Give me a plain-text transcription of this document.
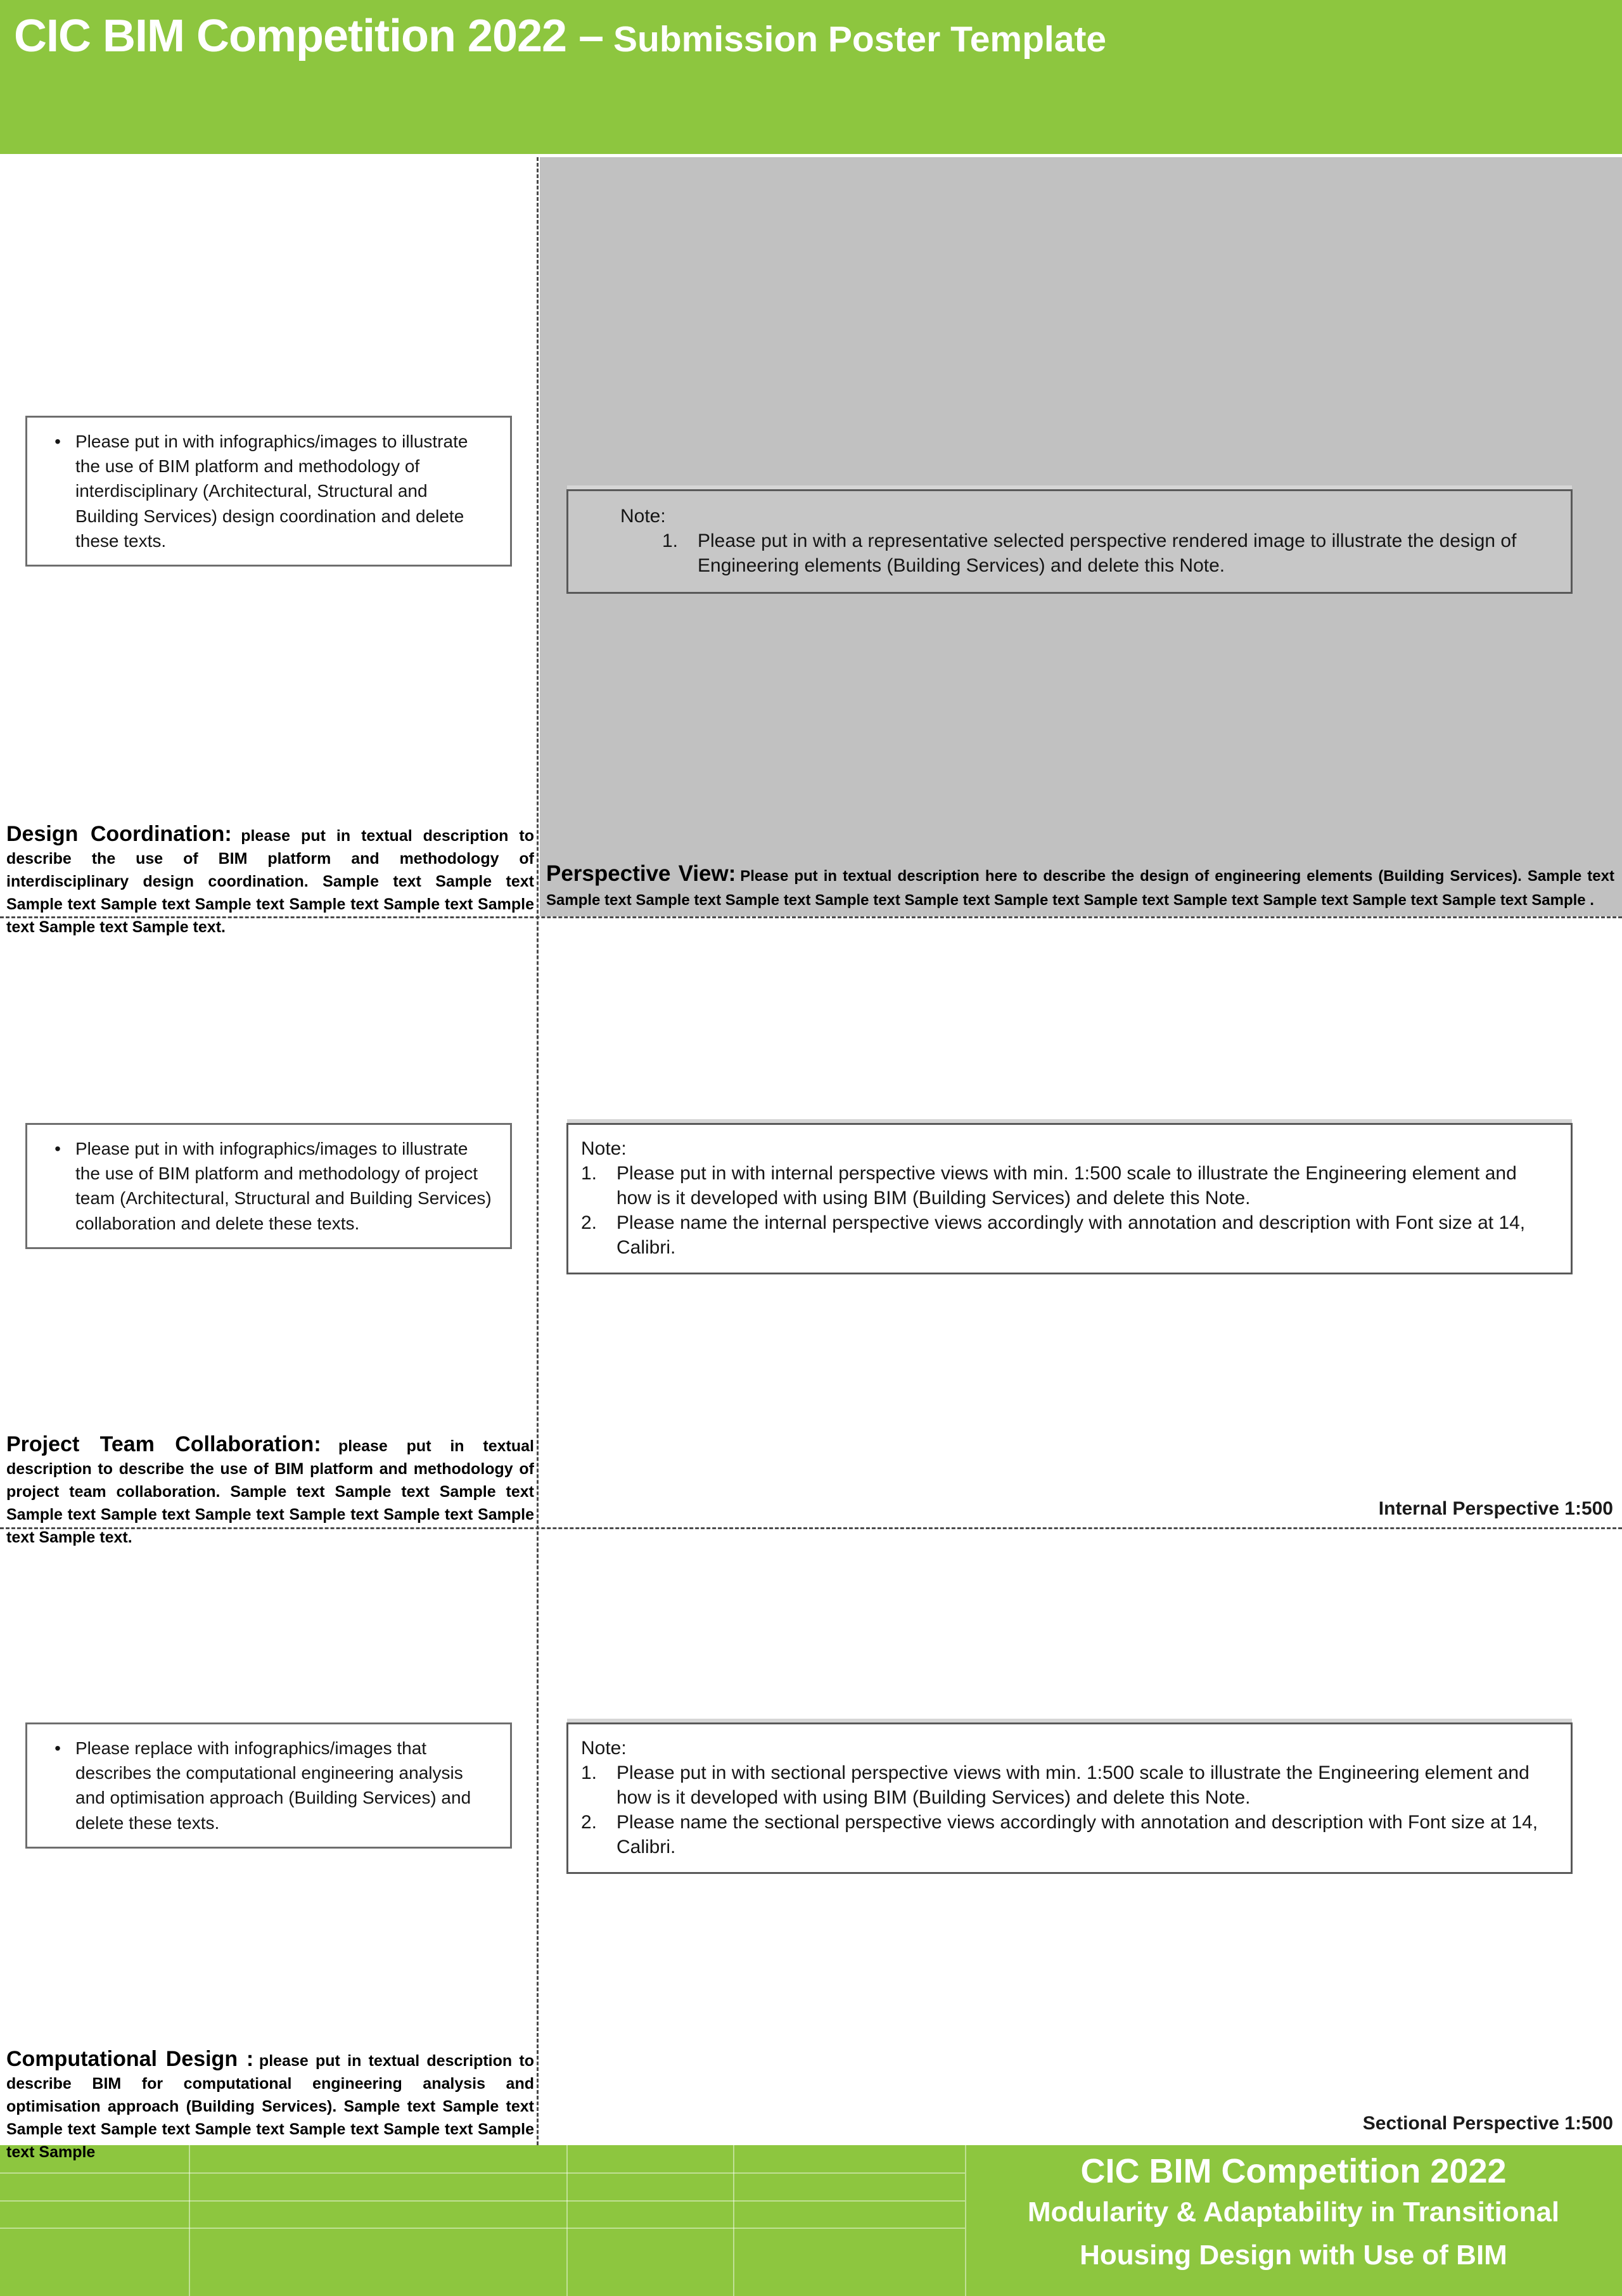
CIC BIM Competition 2022 – Submission Poster Template
• Please put in with infographics/images to illustrate the use of BIM platform and methodology of interdisciplinary (Architectural, Structural and Building Services) design coordination and delete these texts.
Note:
1.	Please put in with a representative selected perspective rendered image to illustrate the design of Engineering elements (Building Services) and delete this Note.

Design Coordination: please put in textual description to describe the use of BIM platform and methodology of interdisciplinary design coordination. Sample text Sample text Sample text Sample text Sample text Sample text Sample text Sample text Sample text Sample text.

Perspective View: Please put in textual description here to describe the design of engineering elements (Building Services). Sample text Sample text Sample text Sample text Sample text Sample text Sample text Sample text Sample text Sample text Sample text Sample text Sample .

• Please put in with infographics/images to illustrate the use of BIM platform and methodology of project team (Architectural, Structural and Building Services) collaboration and delete these texts.
Note:
1.	Please put in with internal perspective views with min. 1:500 scale to illustrate the Engineering element and how is it developed with using BIM (Building Services) and delete this Note.
2.	Please name the internal perspective views accordingly with annotation and description with Font size at 14, Calibri.

Project Team Collaboration: please put in textual description to describe the use of BIM platform and methodology of project team collaboration. Sample text Sample text Sample text Sample text Sample text Sample text Sample text Sample text Sample text Sample text.

Internal Perspective 1:500
• Please replace with infographics/images that describes the computational engineering analysis and optimisation approach (Building Services) and delete these texts.
Note:
1.	Please put in with sectional perspective views with min. 1:500 scale to illustrate the Engineering element and how is it developed with using BIM (Building Services) and delete this Note.
2.	Please name the sectional perspective views accordingly with annotation and description with Font size at 14, Calibri.

Computational Design : please put in textual description to describe BIM for computational engineering analysis and optimisation approach (Building Services). Sample text Sample text Sample text Sample text Sample text Sample text Sample text Sample text Sample

Sectional Perspective 1:500
CIC BIM Competition 2022
Modularity & Adaptability in Transitional
Housing Design with Use of BIM
